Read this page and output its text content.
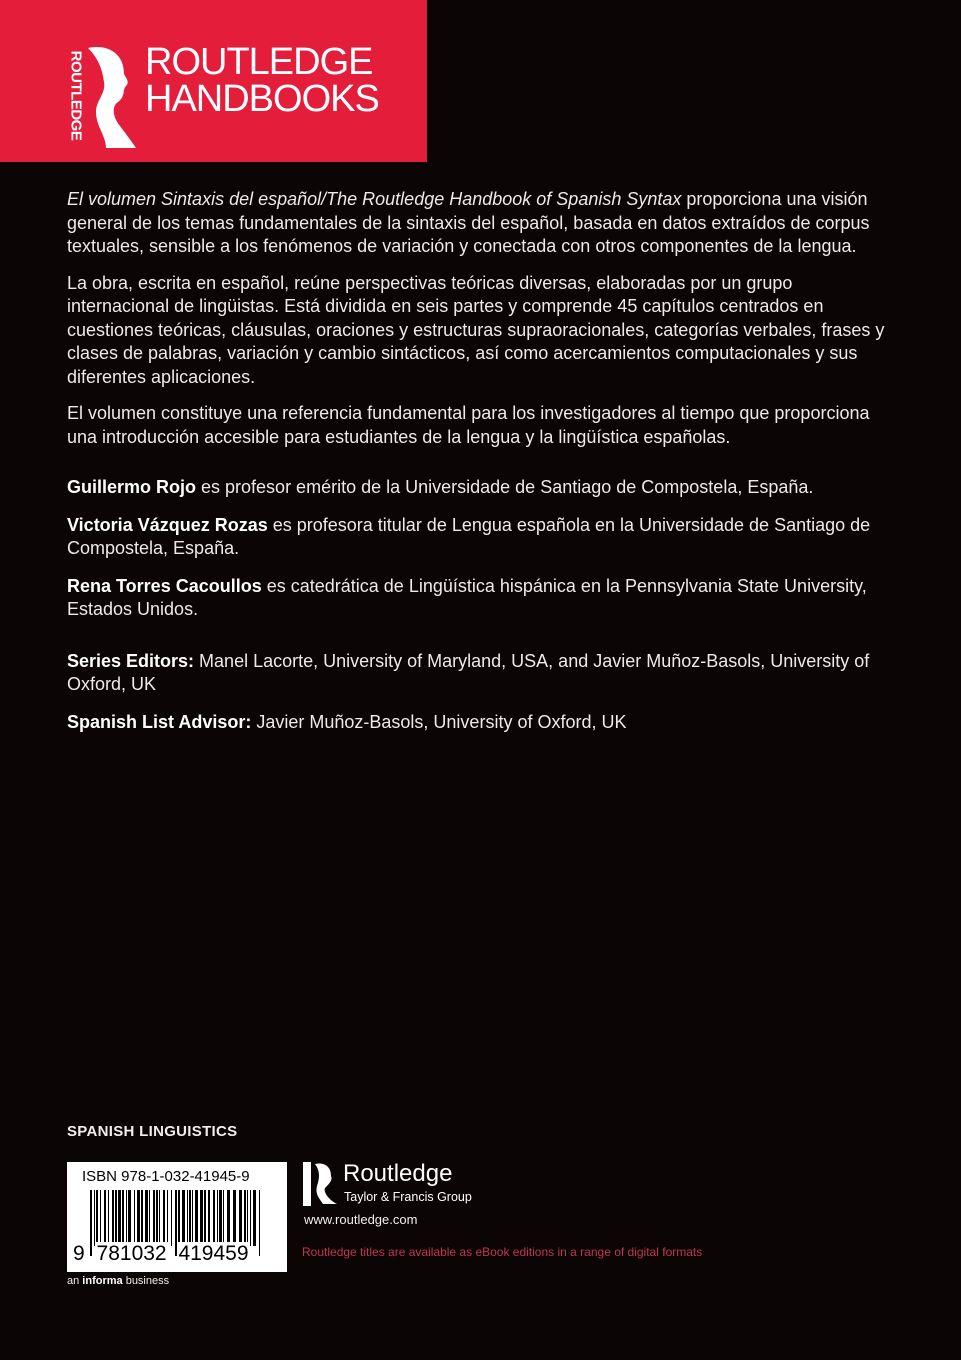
ROUTLEDGE ROUTLEDGE
HANDBOOKS

El volumen Sintaxis del español/The Routledge Handbook of Spanish Syntax proporciona una visión general de los temas fundamentales de la sintaxis del español, basada en datos extraídos de corpus textuales, sensible a los fenómenos de variación y conectada con otros componentes de la lengua.

La obra, escrita en español, reúne perspectivas teóricas diversas, elaboradas por un grupo internacional de lingüistas. Está dividida en seis partes y comprende 45 capítulos centrados en cuestiones teóricas, cláusulas, oraciones y estructuras supraoracionales, categorías verbales, frases y clases de palabras, variación y cambio sintácticos, así como acercamientos computacionales y sus diferentes aplicaciones.

El volumen constituye una referencia fundamental para los investigadores al tiempo que proporciona una introducción accesible para estudiantes de la lengua y la lingüística españolas.

Guillermo Rojo es profesor emérito de la Universidade de Santiago de Compostela, España.

Victoria Vázquez Rozas es profesora titular de Lengua española en la Universidade de Santiago de Compostela, España.

Rena Torres Cacoullos es catedrática de Lingüística hispánica en la Pennsylvania State University, Estados Unidos.

Series Editors: Manel Lacorte, University of Maryland, USA, and Javier Muñoz-Basols, University of Oxford, UK

Spanish List Advisor: Javier Muñoz-Basols, University of Oxford, UK

SPANISH LINGUISTICS
ISBN 978-1-032-41945-9
9 781032 419459
an informa business
Routledge
Taylor & Francis Group
www.routledge.com
Routledge titles are available as eBook editions in a range of digital formats
